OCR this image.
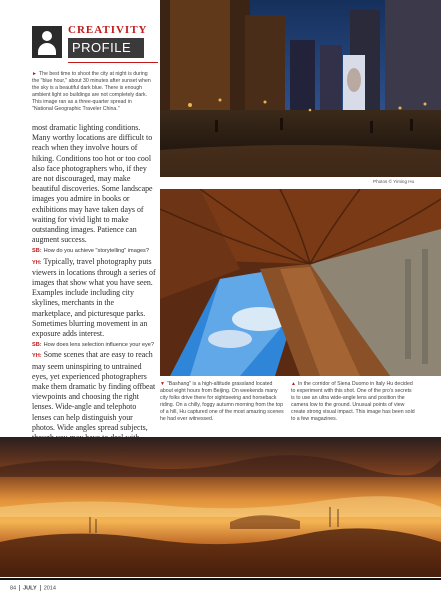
CREATIVITY
PROFILE
► The best time to shoot the city at night is during the "blue hour," about 30 minutes after sunset when the sky is a beautiful dark blue. There is enough ambient light so buildings are not completely dark. This image ran as a three-quarter spread in "National Geographic Traveler China."

most dramatic lighting conditions. Many worthy locations are difficult to reach when they involve hours of hiking. Conditions too hot or too cool also face photographers who, if they are not discouraged, may make beautiful discoveries. Some landscape images you admire in books or exhibitions may have taken days of waiting for vivid light to make outstanding images. Patience can augment success.

SB: How do you achieve "storytelling" images?

YH: Typically, travel photography puts viewers in locations through a series of images that show what you have seen. Examples include including city skylines, merchants in the marketplace, and picturesque parks. Sometimes blurring movement in an exposure adds interest.

SB: How does lens selection influence your eye?

YH: Some scenes that are easy to reach may seem uninspiring to untrained eyes, yet experienced photographers make them dramatic by finding offbeat viewpoints and choosing the right lenses. Wide-angle and telephoto lenses can help distinguish your photos. Wide angles spread subjects,

Photos © Yiming Hu
▼ "Bashang" is a high-altitude grassland located about eight hours from Beijing. On weekends many city folks drive there for sightseeing and horseback riding. On a chilly, foggy autumn morning from the top of a hill, Hu captured one of the most amazing scenes he had ever witnessed.
▲ In the corridor of Siena Duomo in Italy Hu decided to experiment with this shot. One of the pro's secrets is to use an ultra wide-angle lens and position the camera low to the ground. Unusual points of view create strong visual impact. This image has been sold to a few magazines.
84 JULY 2014
